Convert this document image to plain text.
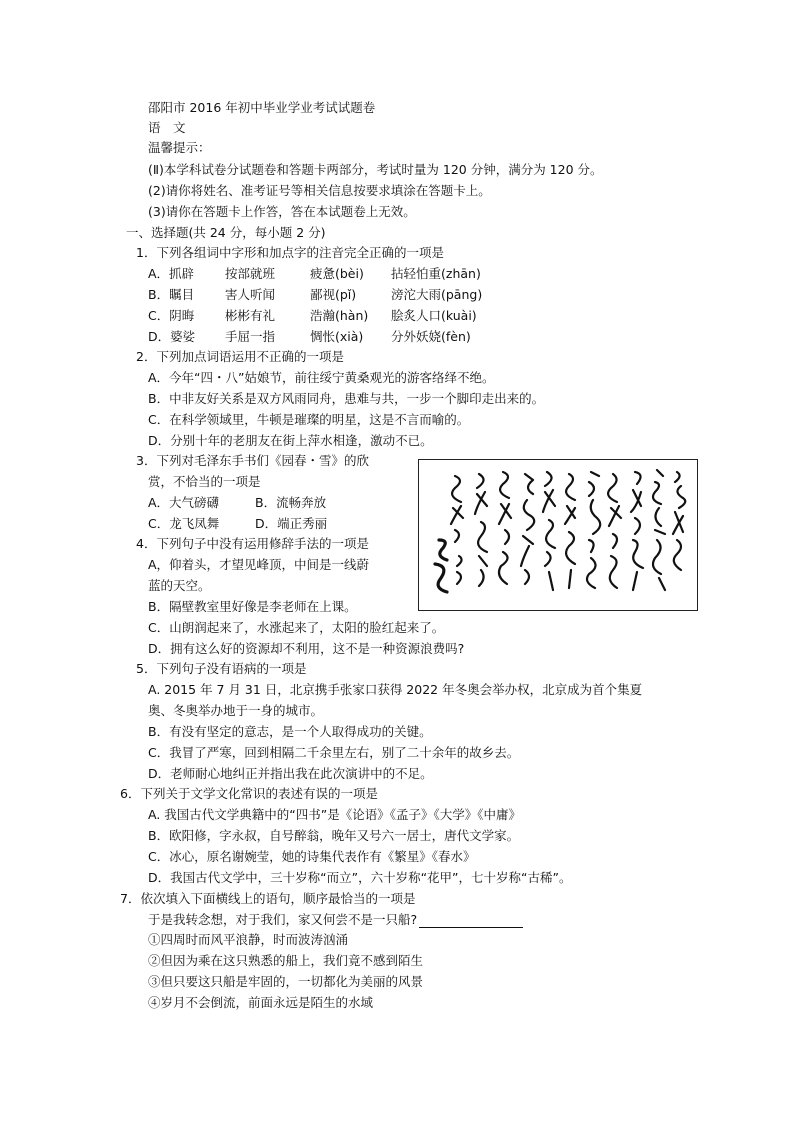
邵阳市 2016 年初中毕业学业考试试题卷
语　文
温馨提示：
(Ⅱ)本学科试卷分试题卷和答题卡两部分，考试时量为 120 分钟，满分为 120 分。
(2)请你将姓名、准考证号等相关信息按要求填涂在答题卡上。
(3)请你在答题卡上作答，答在本试题卷上无效。
一、选择题(共 24 分，每小题 2 分)
1．下列各组词中字形和加点字的注音完全正确的一项是
A．抓辟 按部就班	疲惫(bèi) 拈轻怕重(zhān)
B．瞩目 害人听闻	鄙视(pǐ)	滂沱大雨(pāng)
C．阴晦 彬彬有礼	浩瀚(hàn) 脍炙人口(kuài)
D．婆娑 手屈一指	惆怅(xià) 分外妖娆(fèn)
2．下列加点词语运用不正确的一项是
A．今年“四・八”姑娘节，前往绥宁黄桑观光的游客络绎不绝。
B．中非友好关系是双方风雨同舟，患难与共，一步一个脚印走出来的。
C．在科学领域里，牛顿是璀璨的明星，这是不言而喻的。
D．分别十年的老朋友在街上萍水相逢，激动不已。
3．下列对毛泽东手书们《园春・雪》的欣
赏，不恰当的一项是
A．大气磅礴	B．流畅奔放
C．龙飞凤舞	D．端正秀丽
4．下列句子中没有运用修辞手法的一项是
A，仰着头，才望见峰顶，中间是一线蔚
蓝的天空。
B．隔壁教室里好像是李老师在上课。
C．山朗润起来了，水涨起来了，太阳的脸红起来了。
D．拥有这么好的资源却不利用，这不是一种资源浪费吗?
5．下列句子没有语病的一项是
A. 2015 年 7 月 31 日，北京携手张家口获得 2022 年冬奥会举办权，北京成为首个集夏
奥、冬奥举办地于一身的城市。
B．有没有坚定的意志，是一个人取得成功的关键。
C．我冒了严寒，回到相隔二千余里左右，别了二十余年的故乡去。
D．老师耐心地纠正并指出我在此次演讲中的不足。
6．下列关于文学文化常识的表述有误的一项是
A. 我国古代文学典籍中的“四书”是《论语》《孟子》《大学》《中庸》
B．欧阳修，字永叔，自号醉翁，晚年又号六一居士，唐代文学家。
C．冰心，原名谢婉莹，她的诗集代表作有《繁星》《春水》
D．我国古代文学中，三十岁称“而立”，六十岁称“花甲”，七十岁称“古稀”。
7．依次填入下面横线上的语句，顺序最恰当的一项是
于是我转念想，对于我们，家又何尝不是一只船?
①四周时而风平浪静，时而波涛汹涌
②但因为乘在这只熟悉的船上，我们竟不感到陌生
③但只要这只船是牢固的，一切都化为美丽的风景
④岁月不会倒流，前面永远是陌生的水域
